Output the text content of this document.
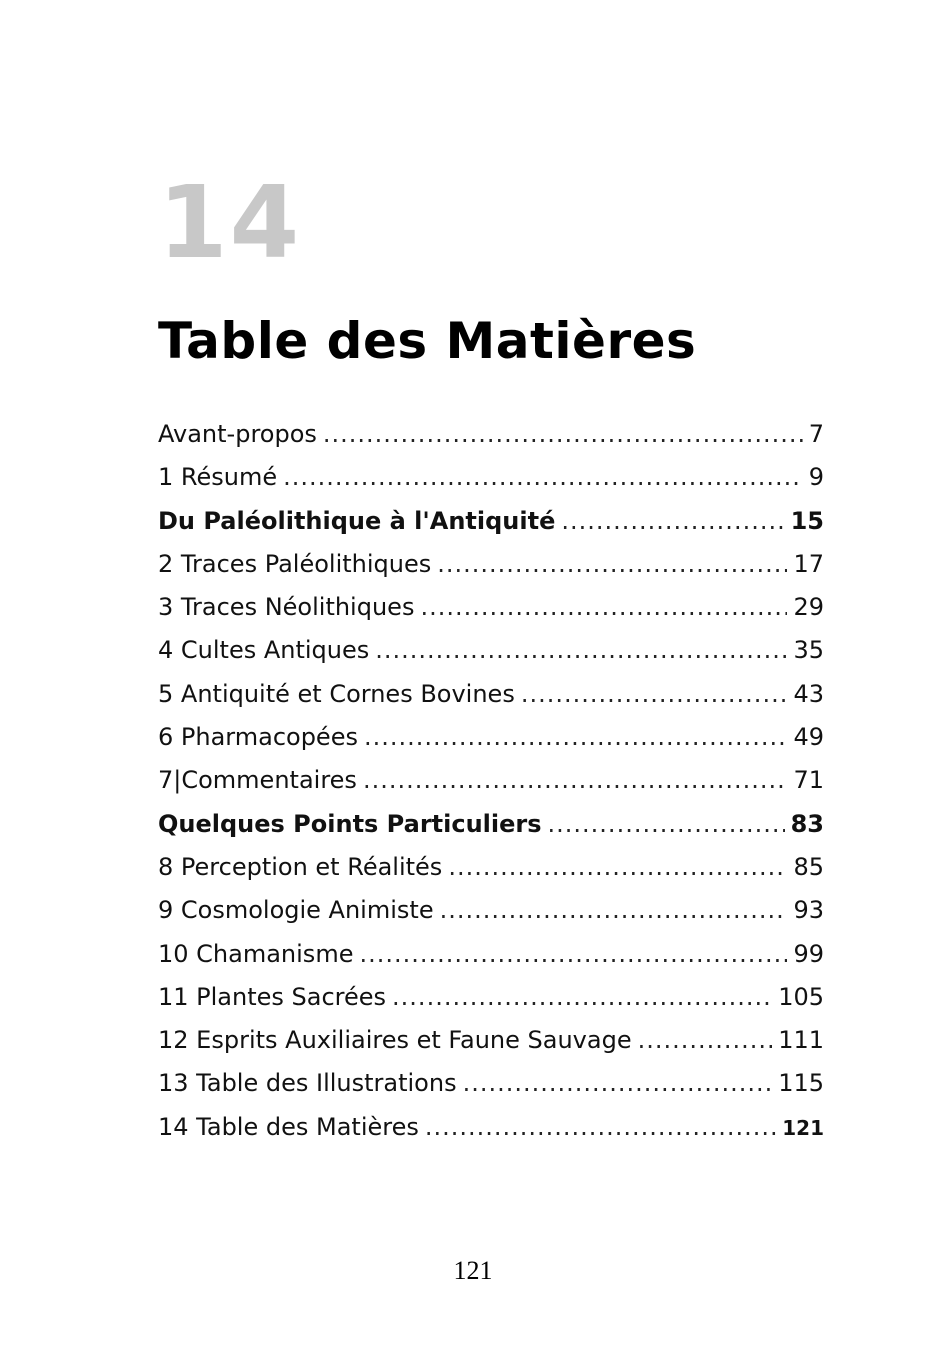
14
Table des Matières
Avant-propos .....	7
1 Résumé .....	9
Du Paléolithique à l'Antiquité .....	15
2 Traces Paléolithiques .....	17
3 Traces Néolithiques .....	29
4 Cultes Antiques .....	35
5 Antiquité et Cornes Bovines .....	43
6 Pharmacopées .....	49
7|Commentaires .....	71
Quelques Points Particuliers .....	83
8 Perception et Réalités .....	85
9 Cosmologie Animiste .....	93
10 Chamanisme .....	99
11 Plantes Sacrées .....	105
12 Esprits Auxiliaires et Faune Sauvage .....	111
13 Table des Illustrations .....	115
14 Table des Matières .....	121
121
